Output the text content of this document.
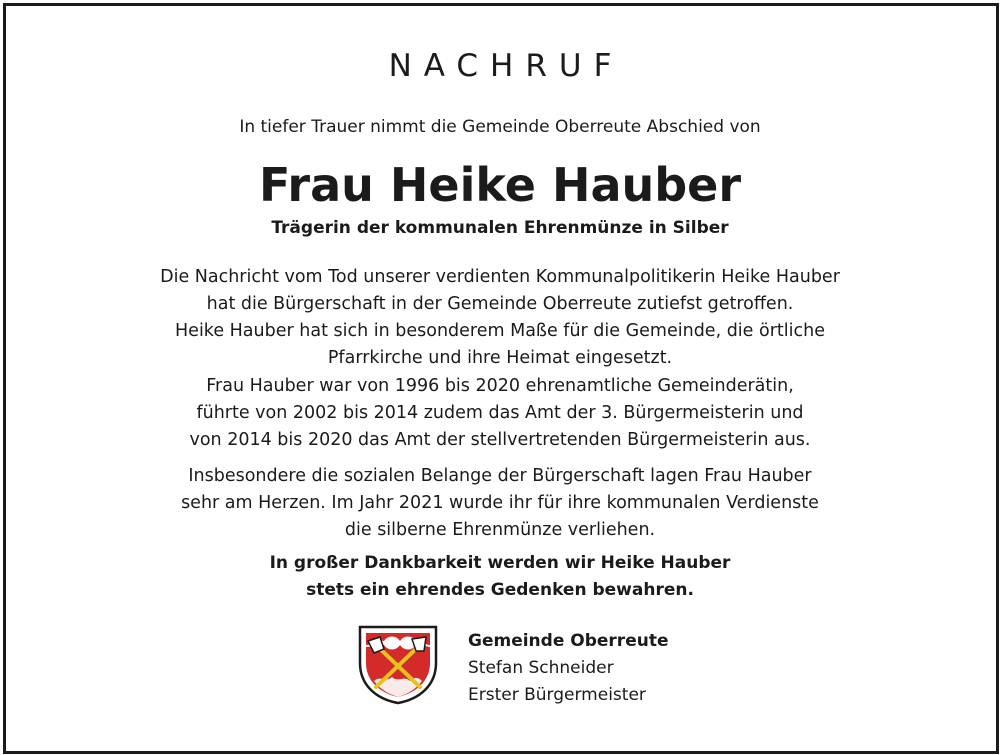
NACHRUF
In tiefer Trauer nimmt die Gemeinde Oberreute Abschied von
Frau Heike Hauber
Trägerin der kommunalen Ehrenmünze in Silber
Die Nachricht vom Tod unserer verdienten Kommunalpolitikerin Heike Hauber
hat die Bürgerschaft in der Gemeinde Oberreute zutiefst getroffen.
Heike Hauber hat sich in besonderem Maße für die Gemeinde, die örtliche
Pfarrkirche und ihre Heimat eingesetzt.
Frau Hauber war von 1996 bis 2020 ehrenamtliche Gemeinderätin,
führte von 2002 bis 2014 zudem das Amt der 3. Bürgermeisterin und
von 2014 bis 2020 das Amt der stellvertretenden Bürgermeisterin aus.
Insbesondere die sozialen Belange der Bürgerschaft lagen Frau Hauber
sehr am Herzen. Im Jahr 2021 wurde ihr für ihre kommunalen Verdienste
die silberne Ehrenmünze verliehen.
In großer Dankbarkeit werden wir Heike Hauber
stets ein ehrendes Gedenken bewahren.
Gemeinde Oberreute
Stefan Schneider
Erster Bürgermeister
